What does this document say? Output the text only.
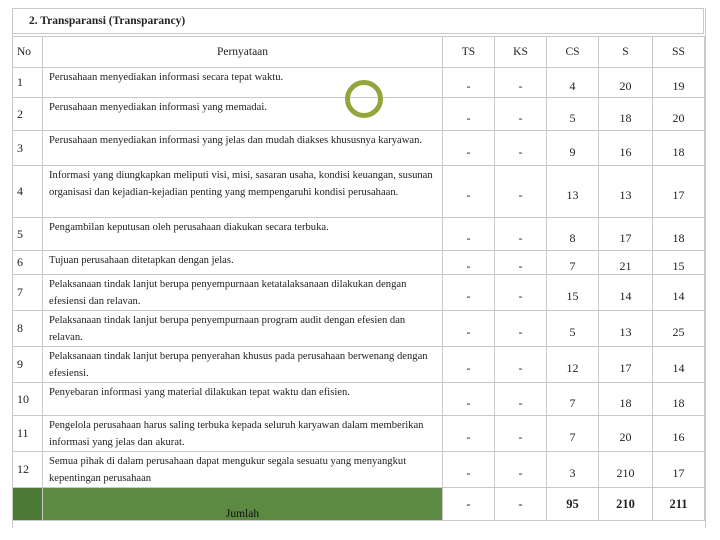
2. Transparansi (Transparancy)
No	Pernyataan	TS	KS	CS	S	SS
1	Perusahaan menyediakan informasi secara tepat waktu.	-	-	4	20	19
2	Perusahaan menyediakan informasi yang memadai.	-	-	5	18	20
3	Perusahaan menyediakan informasi yang jelas dan mudah diakses khususnya karyawan.	-	-	9	16	18
4	Informasi yang diungkapkan meliputi visi, misi, sasaran usaha, kondisi keuangan, susunan organisasi dan kejadian-kejadian penting yang mempengaruhi kondisi perusahaan.	-	-	13	13	17
5	Pengambilan keputusan oleh perusahaan diakukan secara terbuka.	-	-	8	17	18
6	Tujuan perusahaan ditetapkan dengan jelas.	-	-	7	21	15
7	Pelaksanaan tindak lanjut berupa penyempurnaan ketatalaksanaan dilakukan dengan efesiensi dan relavan.	-	-	15	14	14
8	Pelaksanaan tindak lanjut berupa penyempurnaan program audit dengan efesien dan relavan.	-	-	5	13	25
9	Pelaksanaan tindak lanjut berupa penyerahan khusus pada perusahaan berwenang dengan efesiensi.	-	-	12	17	14
10	Penyebaran informasi yang material dilakukan tepat waktu dan efisien.	-	-	7	18	18
11	Pengelola perusahaan harus saling terbuka kepada seluruh karyawan dalam memberikan informasi yang jelas dan akurat.	-	-	7	20	16
12	Semua pihak di dalam perusahaan dapat mengukur segala sesuatu yang menyangkut kepentingan perusahaan	-	-	3	210	17

	Jumlah	-	-	95	210	211
